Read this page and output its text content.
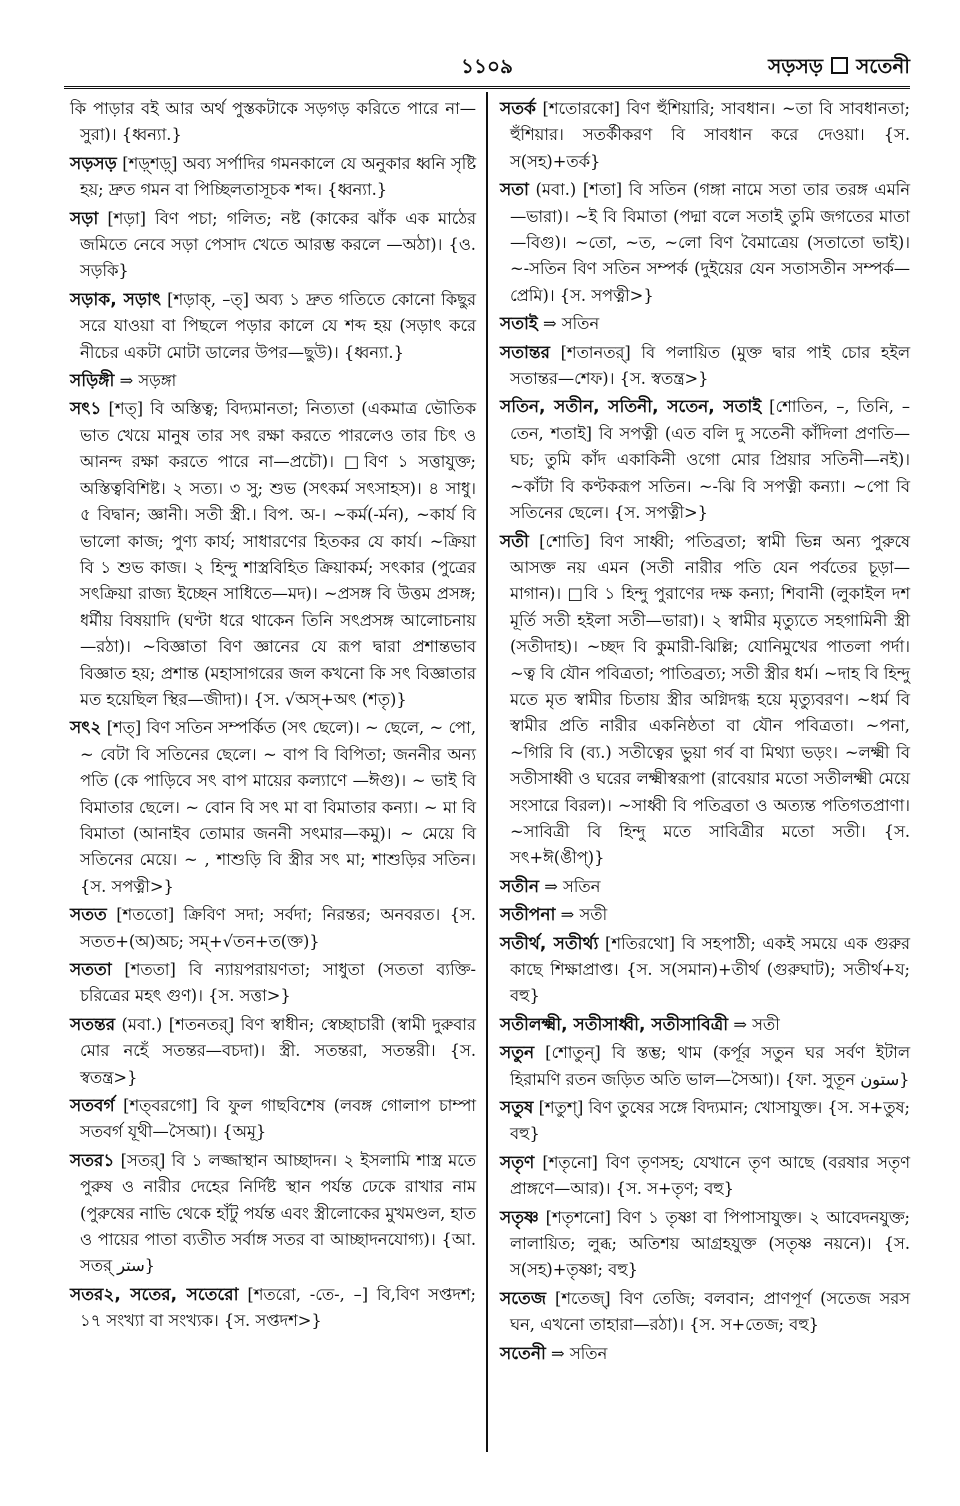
১১০৯	সড়সড় সতেনী
কি পাড়ার বই আর অর্থ পুস্তকটাকে সড়গড় করিতে পারে না—সুরা)। {ধ্বন্যা.}
সড়সড় [শড়্শড়্] অব্য সর্পাদির গমনকালে যে অনুকার ধ্বনি সৃষ্টি হয়; দ্রুত গমন বা পিচ্ছিলতাসূচক শব্দ। {ধ্বন্যা.}
সড়া [শড়া] বিণ পচা; গলিত; নষ্ট (কাকের ঝাঁক এক মাঠের জমিতে নেবে সড়া পেসাদ খেতে আরম্ভ করলে —অঠা)। {ও. সড়কি}
সড়াক, সড়াৎ [শড়াক্‌, –ত্‌] অব্য ১ দ্রুত গতিতে কোনো কিছুর সরে যাওয়া বা পিছলে পড়ার কালে যে শব্দ হয় (সড়াৎ করে নীচের একটা মোটা ডালের উপর—ছুউ)। {ধ্বন্যা.}
সড়িঙ্গী ⇒ সড়ঙ্গা
সৎ১ [শত্‌] বি অস্তিত্ব; বিদ্যমানতা; নিত্যতা (একমাত্র ভৌতিক ভাত খেয়ে মানুষ তার সৎ রক্ষা করতে পারলেও তার চিৎ ও আনন্দ রক্ষা করতে পারে না—প্রচৌ)। □বিণ ১ সত্তাযুক্ত; অস্তিত্ববিশিষ্ট। ২ সত্য। ৩ সু; শুভ (সৎকর্ম সৎসাহস)। ৪ সাধু। ৫ বিদ্বান; জ্ঞানী। সতী স্ত্রী.। বিপ. অ-। ~কর্ম(-র্মন), ~কার্য বি ভালো কাজ; পুণ্য কার্য; সাধারণের হিতকর যে কার্য। ~ক্রিয়া বি ১ শুভ কাজ। ২ হিন্দু শাস্ত্রবিহিত ক্রিয়াকর্ম; সৎকার (পুত্রের সৎক্রিয়া রাজ্য ইচ্ছেন সাধিতে—মদ)। ~প্রসঙ্গ বি উত্তম প্রসঙ্গ; ধর্মীয় বিষয়াদি (ঘণ্টা ধরে থাকেন তিনি সৎপ্রসঙ্গ আলোচনায়—রঠা)। ~বিজ্ঞাতা বিণ জ্ঞানের যে রূপ দ্বারা প্রশান্তভাব বিজ্ঞাত হয়; প্রশান্ত (মহাসাগরের জল কখনো কি সৎ বিজ্ঞাতার মত হয়েছিল স্থির—জীদা)। {স. √অস্‌+অৎ (শতৃ)}
সৎ২ [শত্‌] বিণ সতিন সম্পর্কিত (সৎ ছেলে)। ~ ছেলে, ~ পো, ~ বেটা বি সতিনের ছেলে। ~ বাপ বি বিপিতা; জননীর অন্য পতি (কে পাড়িবে সৎ বাপ মায়ের কল্যাণে —ঈগু)। ~ ভাই বি বিমাতার ছেলে। ~ বোন বি সৎ মা বা বিমাতার কন্যা। ~ মা বি বিমাতা (আনাইব তোমার জননী সৎমার—কমু)। ~ মেয়ে বি সতিনের মেয়ে। ~ , শাশুড়ি বি স্ত্রীর সৎ মা; শাশুড়ির সতিন। {স. সপত্নী>}
সতত [শততো] ক্রিবিণ সদা; সর্বদা; নিরন্তর; অনবরত। {স. সতত+(অ)অচ; সম্‌+√তন+ত(ক্ত)}
সততা [শততা] বি ন্যায়পরায়ণতা; সাধুতা (সততা ব্যক্তি-চরিত্রের মহৎ গুণ)। {স. সত্তা>}
সতন্তর (মবা.) [শতনতর্] বিণ স্বাধীন; স্বেচ্ছাচারী (স্বামী দুরুবার মোর নহেঁ সতন্তর—বচদা)। স্ত্রী. সতন্তরা, সতন্তরী। {স. স্বতন্ত্র>}
সতবর্গ [শত্‌বরগো] বি ফুল গাছবিশেষ (লবঙ্গ গোলাপ চাম্পা সতবর্গ যূথী—সৈআ)। {অমূ}
সতর১ [সতর্] বি ১ লজ্জাস্থান আচ্ছাদন। ২ ইসলামি শাস্ত্র মতে পুরুষ ও নারীর দেহের নির্দিষ্ট স্থান পর্যন্ত ঢেকে রাখার নাম (পুরুষের নাভি থেকে হাঁটু পর্যন্ত এবং স্ত্রীলোকের মুখমণ্ডল, হাত ও পায়ের পাতা ব্যতীত সর্বাঙ্গ সতর বা আচ্ছাদনযোগ্য)। {আ. সতর্‌ ستر}
সতর২, সতের, সতেরো [শতরো, -তে-, –] বি,বিণ সপ্তদশ; ১৭ সংখ্যা বা সংখ্যক। {স. সপ্তদশ>}
সতর্ক [শতোরকো] বিণ হুঁশিয়ারি; সাবধান। ~তা বি সাবধানতা; হুঁশিয়ার। সতর্কীকরণ বি সাবধান করে দেওয়া। {স. স(সহ)+তর্ক}
সতা (মবা.) [শতা] বি সতিন (গঙ্গা নামে সতা তার তরঙ্গ এমনি—ভারা)। ~ই বি বিমাতা (পদ্মা বলে সতাই তুমি জগতের মাতা—বিগু)। ~তো, ~ত, ~লো বিণ বৈমাত্রেয় (সতাতো ভাই)। ~-সতিন বিণ সতিন সম্পর্ক (দুইয়ের যেন সতাসতীন সম্পর্ক—প্রেমি)। {স. সপত্নী>}
সতাই ⇒ সতিন
সতান্তর [শতানতর্] বি পলায়িত (মুক্ত দ্বার পাই চোর হইল সতান্তর—শেফ)। {স. স্বতন্ত্র>}
সতিন, সতীন, সতিনী, সতেন, সতাই [শোতিন, –, তিনি, –তেন, শতাই] বি সপত্নী (এত বলি দু সতেনী কাঁদিলা প্রণতি—ঘচ; তুমি কাঁদ একাকিনী ওগো মোর প্রিয়ার সতিনী—নই)। ~কাঁটা বি কণ্টকরূপ সতিন। ~-ঝি বি সপত্নী কন্যা। ~পো বি সতিনের ছেলে। {স. সপত্নী>}
সতী [শোতি] বিণ সাধ্বী; পতিব্রতা; স্বামী ভিন্ন অন্য পুরুষে আসক্ত নয় এমন (সতী নারীর পতি যেন পর্বতের চূড়া—মাগান)। □বি ১ হিন্দু পুরাণের দক্ষ কন্যা; শিবানী (লুকাইল দশ মূর্তি সতী হইলা সতী—ভারা)। ২ স্বামীর মৃত্যুতে সহগামিনী স্ত্রী (সতীদাহ)। ~চ্ছদ বি কুমারী-ঝিল্লি; যোনিমুখের পাতলা পর্দা। ~ত্ব বি যৌন পবিত্রতা; পাতিব্রত্য; সতী স্ত্রীর ধর্ম। ~দাহ বি হিন্দু মতে মৃত স্বামীর চিতায় স্ত্রীর অগ্নিদগ্ধ হয়ে মৃত্যুবরণ। ~ধর্ম বি স্বামীর প্রতি নারীর একনিষ্ঠতা বা যৌন পবিত্রতা। ~পনা, ~গিরি বি (ব্য.) সতীত্বের ভুয়া গর্ব বা মিথ্যা ভড়ং। ~লক্ষ্মী বি সতীসাধ্বী ও ঘরের লক্ষ্মীস্বরূপা (রাবেয়ার মতো সতীলক্ষ্মী মেয়ে সংসারে বিরল)। ~সাধ্বী বি পতিব্রতা ও অত্যন্ত পতিগতপ্রাণা। ~সাবিত্রী বি হিন্দু মতে সাবিত্রীর মতো সতী। {স. সৎ+ঈ(ঙীপ্‌)}
সতীন ⇒ সতিন
সতীপনা ⇒ সতী
সতীর্থ, সতীর্থ্য [শতিরথো] বি সহপাঠী; একই সময়ে এক গুরুর কাছে শিক্ষাপ্রাপ্ত। {স. স(সমান)+তীর্থ (গুরুঘাট); সতীর্থ+য; বহু}
সতীলক্ষ্মী, সতীসাধ্বী, সতীসাবিত্রী ⇒ সতী
সতুন [শোতুন্] বি স্তম্ভ; থাম (কর্পূর সতুন ঘর সর্বণ ইটাল হিরামণি রতন জড়িত অতি ভাল—সৈআ)। {ফা. সুতূন ستون}
সতুষ [শতুশ্] বিণ তুষের সঙ্গে বিদ্যমান; খোসাযুক্ত। {স. স+তুষ; বহু}
সতৃণ [শতৃনো] বিণ তৃণসহ; যেখানে তৃণ আছে (বরষার সতৃণ প্রাঙ্গণে—আর)। {স. স+তৃণ; বহু}
সতৃষ্ণ [শতৃশনো] বিণ ১ তৃষ্ণা বা পিপাসাযুক্ত। ২ আবেদনযুক্ত; লালায়িত; লুব্ধ; অতিশয় আগ্রহযুক্ত (সতৃষ্ণ নয়নে)। {স. স(সহ)+তৃষ্ণা; বহু}
সতেজ [শতেজ্] বিণ তেজি; বলবান; প্রাণপূর্ণ (সতেজ সরস ঘন, এখনো তাহারা—রঠা)। {স. স+তেজ; বহু}
সতেনী ⇒ সতিন
